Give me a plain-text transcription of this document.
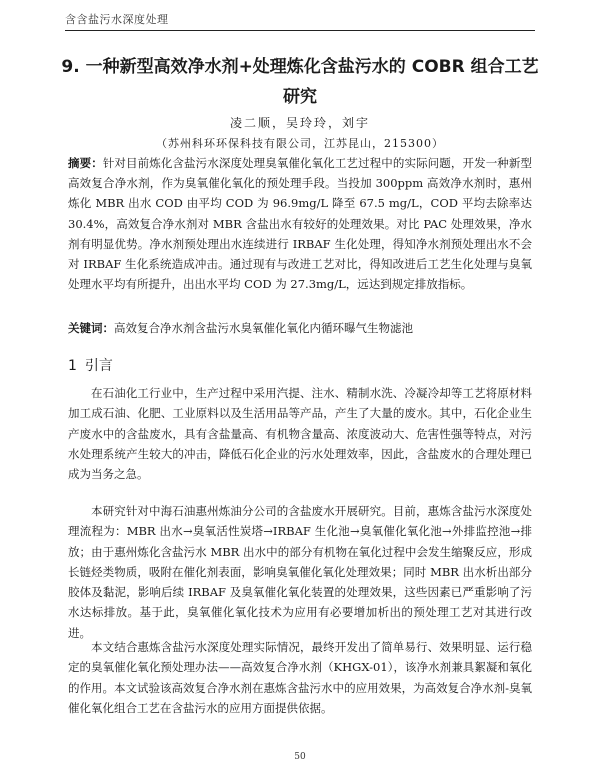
含含盐污水深度处理
9. 一种新型高效净水剂+处理炼化含盐污水的 COBR 组合工艺研究
凌二顺，吴玲玲，刘宇
（苏州科环环保科技有限公司，江苏昆山，215300）
摘要：针对目前炼化含盐污水深度处理臭氧催化氧化工艺过程中的实际问题，开发一种新型高效复合净水剂，作为臭氧催化氧化的预处理手段。当投加 300ppm 高效净水剂时，惠州炼化 MBR 出水 COD 由平均 COD 为 96.9mg/L 降至 67.5 mg/L，COD 平均去除率达 30.4%，高效复合净水剂对 MBR 含盐出水有较好的处理效果。对比 PAC 处理效果，净水剂有明显优势。净水剂预处理出水连续进行 IRBAF 生化处理，得知净水剂预处理出水不会对 IRBAF 生化系统造成冲击。通过现有与改进工艺对比，得知改进后工艺生化处理与臭氧处理水平均有所提升，出出水平均 COD 为 27.3mg/L，远达到规定排放指标。
关键词：高效复合净水剂含盐污水臭氧催化氧化内循环曝气生物滤池
1 引言

在石油化工行业中，生产过程中采用汽提、注水、精制水洗、冷凝冷却等工艺将原材料加工成石油、化肥、工业原料以及生活用品等产品，产生了大量的废水。其中，石化企业生产废水中的含盐废水，具有含盐量高、有机物含量高、浓度波动大、危害性强等特点，对污水处理系统产生较大的冲击，降低石化企业的污水处理效率，因此，含盐废水的合理处理已成为当务之急。

本研究针对中海石油惠州炼油分公司的含盐废水开展研究。目前，惠炼含盐污水深度处理流程为：MBR 出水→臭氧活性炭塔→IRBAF 生化池→臭氧催化氧化池→外排监控池→排放；由于惠州炼化含盐污水 MBR 出水中的部分有机物在氧化过程中会发生缩聚反应，形成长链烃类物质，吸附在催化剂表面，影响臭氧催化氧化处理效果；同时 MBR 出水析出部分胶体及黏泥，影响后续 IRBAF 及臭氧催化氧化装置的处理效果，这些因素已严重影响了污水达标排放。基于此，臭氧催化氧化技术为应用有必要增加析出的预处理工艺对其进行改进。

本文结合惠炼含盐污水深度处理实际情况，最终开发出了简单易行、效果明显、运行稳定的臭氧催化氧化预处理办法——高效复合净水剂（KHGX-01），该净水剂兼具絮凝和氧化的作用。本文试验该高效复合净水剂在惠炼含盐污水中的应用效果，为高效复合净水剂-臭氧催化氧化组合工艺在含盐污水的应用方面提供依据。

50
